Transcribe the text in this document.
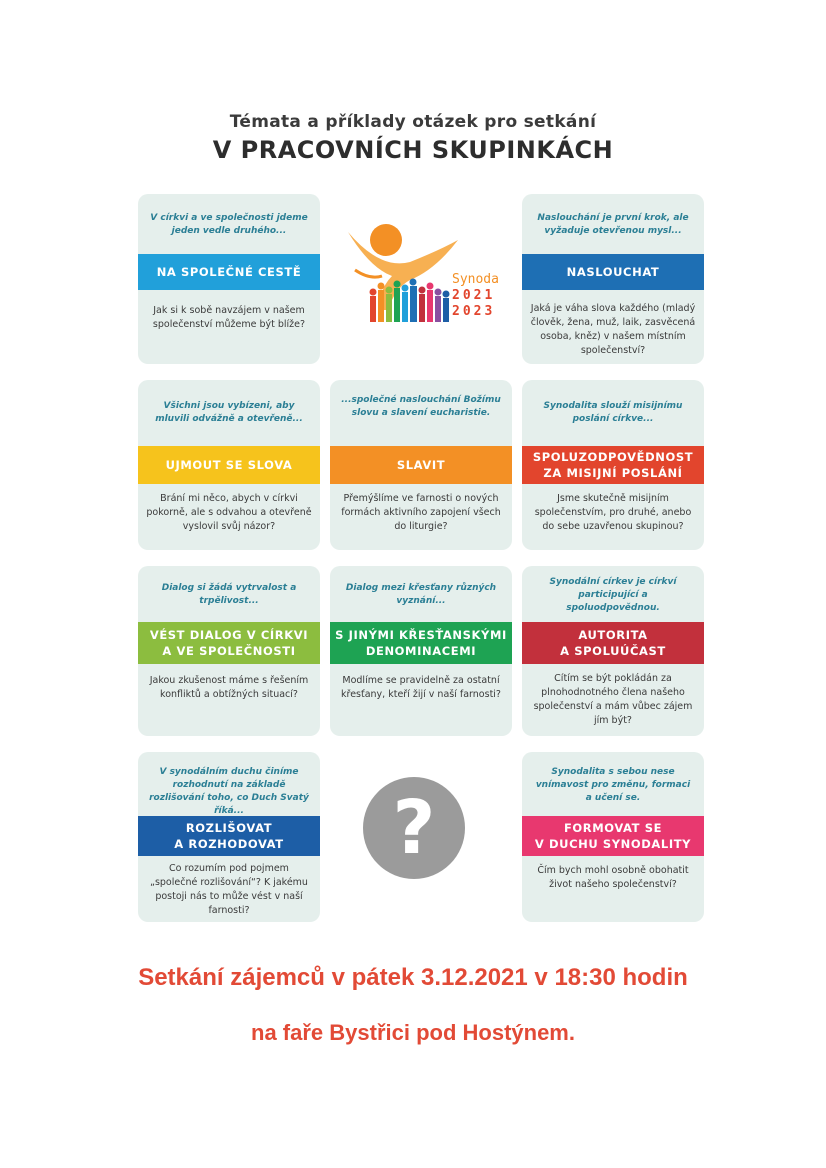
Témata a příklady otázek pro setkání
V PRACOVNÍCH SKUPINKÁCH
V církvi a ve společnosti jdeme jeden vedle druhého...
NA SPOLEČNÉ CESTĚ
Jak si k sobě navzájem v našem společenství můžeme být blíže?
Synoda
2021
2023
Naslouchání je první krok, ale vyžaduje otevřenou mysl...
NASLOUCHAT
Jaká je váha slova každého (mladý člověk, žena, muž, laik, zasvěcená osoba, kněz) v našem místním společenství?
Všichni jsou vybízeni, aby mluvili odvážně a otevřeně...
UJMOUT SE SLOVA
Brání mi něco, abych v církvi pokorně, ale s odvahou a otevřeně vyslovil svůj názor?
...společné naslouchání Božímu slovu a slavení eucharistie.
SLAVIT
Přemýšlíme ve farnosti o nových formách aktivního zapojení všech do liturgie?
Synodalita slouží misijnímu poslání církve...
SPOLUZODPOVĚDNOST
ZA MISIJNÍ POSLÁNÍ
Jsme skutečně misijním společenstvím, pro druhé, anebo do sebe uzavřenou skupinou?
Dialog si žádá vytrvalost a trpělivost...
VÉST DIALOG V CÍRKVI
A VE SPOLEČNOSTI
Jakou zkušenost máme s řešením konfliktů a obtížných situací?
Dialog mezi křesťany různých vyznání...
S JINÝMI KŘESŤANSKÝMI
DENOMINACEMI
Modlíme se pravidelně za ostatní křesťany, kteří žijí v naší farnosti?
Synodální církev je církví participující a spoluodpovědnou.
AUTORITA
A SPOLUÚČAST
Cítím se být pokládán za plnohodnotného člena našeho společenství a mám vůbec zájem jím být?
V synodálním duchu činíme rozhodnutí na základě rozlišování toho, co Duch Svatý říká...
ROZLIŠOVAT
A ROZHODOVAT
Co rozumím pod pojmem „společné rozlišování“? K jakému postoji nás to může vést v naší farnosti?
?
Synodalita s sebou nese vnímavost pro změnu, formaci a učení se.
FORMOVAT SE
V DUCHU SYNODALITY
Čím bych mohl osobně obohatit život našeho společenství?
Setkání zájemců v pátek 3.12.2021 v 18:30 hodin
na faře Bystřici pod Hostýnem.
